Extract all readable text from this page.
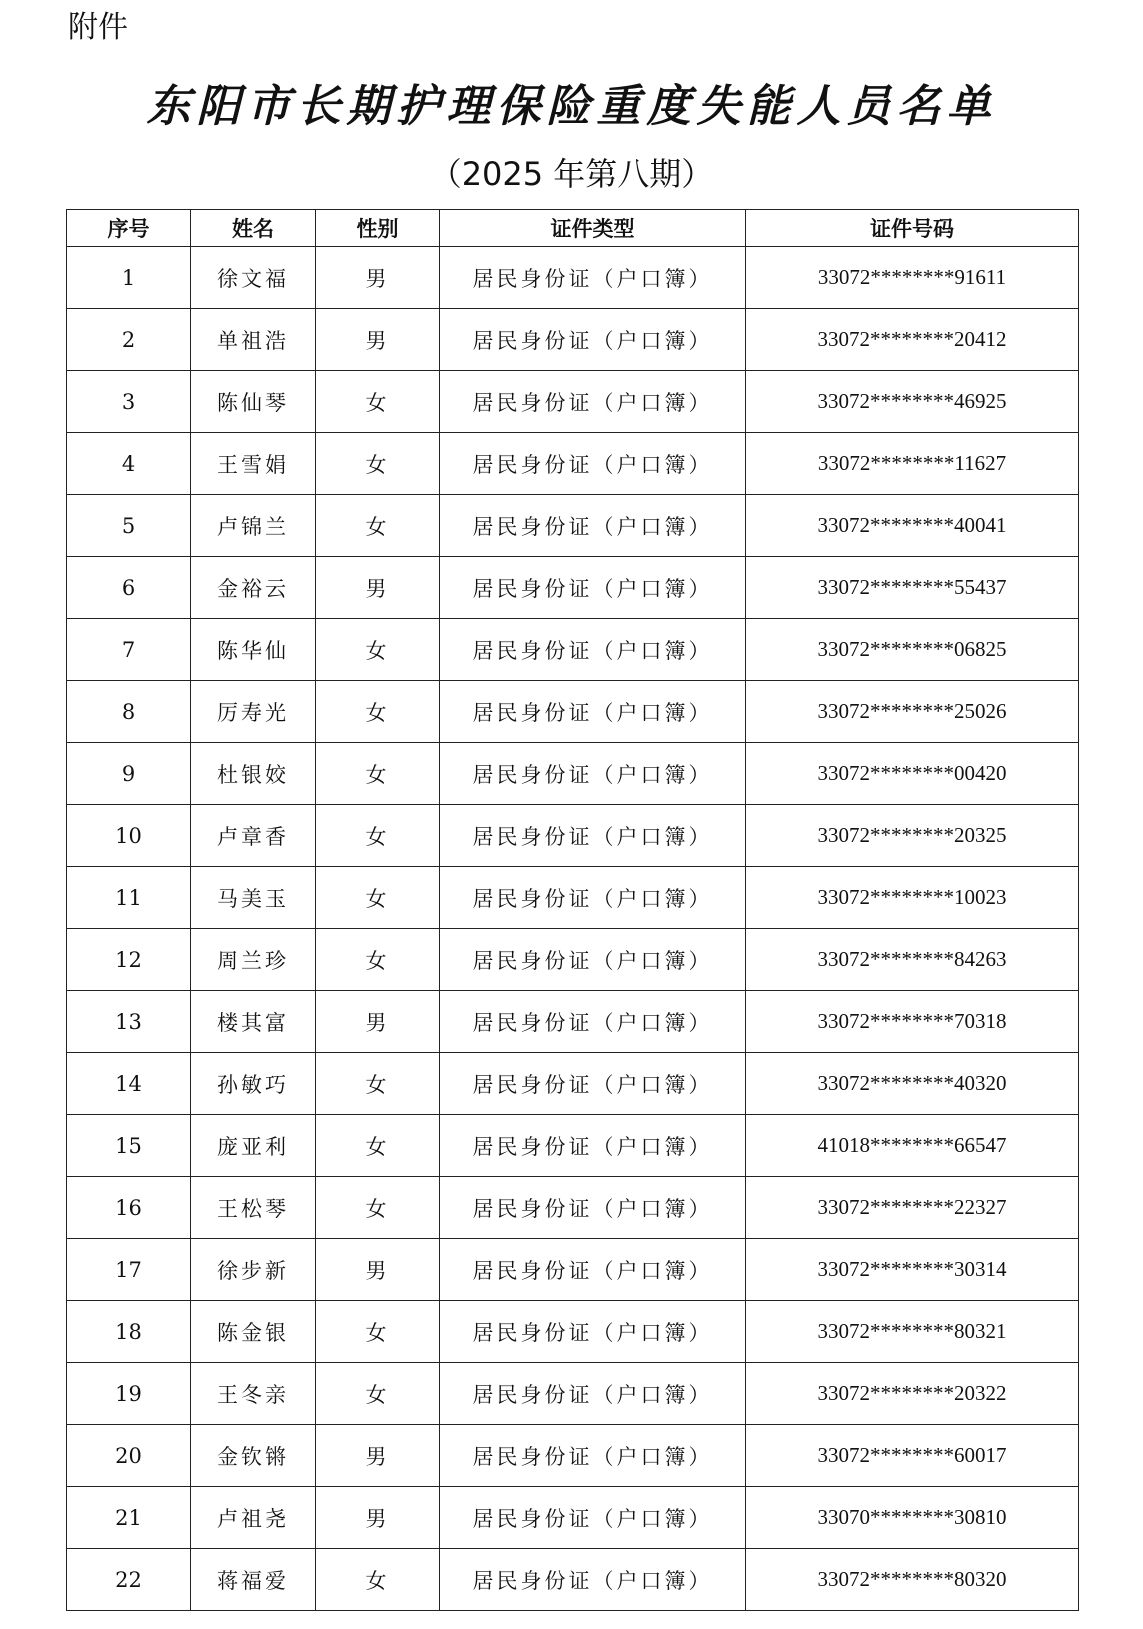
附件
东阳市长期护理保险重度失能人员名单
（2025 年第八期）
序号	姓名	性别	证件类型	证件号码
1	徐文福	男	居民身份证（户口簿）	33072********91611
2	单祖浩	男	居民身份证（户口簿）	33072********20412
3	陈仙琴	女	居民身份证（户口簿）	33072********46925
4	王雪娟	女	居民身份证（户口簿）	33072********11627
5	卢锦兰	女	居民身份证（户口簿）	33072********40041
6	金裕云	男	居民身份证（户口簿）	33072********55437
7	陈华仙	女	居民身份证（户口簿）	33072********06825
8	厉寿光	女	居民身份证（户口簿）	33072********25026
9	杜银姣	女	居民身份证（户口簿）	33072********00420
10	卢章香	女	居民身份证（户口簿）	33072********20325
11	马美玉	女	居民身份证（户口簿）	33072********10023
12	周兰珍	女	居民身份证（户口簿）	33072********84263
13	楼其富	男	居民身份证（户口簿）	33072********70318
14	孙敏巧	女	居民身份证（户口簿）	33072********40320
15	庞亚利	女	居民身份证（户口簿）	41018********66547
16	王松琴	女	居民身份证（户口簿）	33072********22327
17	徐步新	男	居民身份证（户口簿）	33072********30314
18	陈金银	女	居民身份证（户口簿）	33072********80321
19	王冬亲	女	居民身份证（户口簿）	33072********20322
20	金钦锵	男	居民身份证（户口簿）	33072********60017
21	卢祖尧	男	居民身份证（户口簿）	33070********30810
22	蒋福爱	女	居民身份证（户口簿）	33072********80320
